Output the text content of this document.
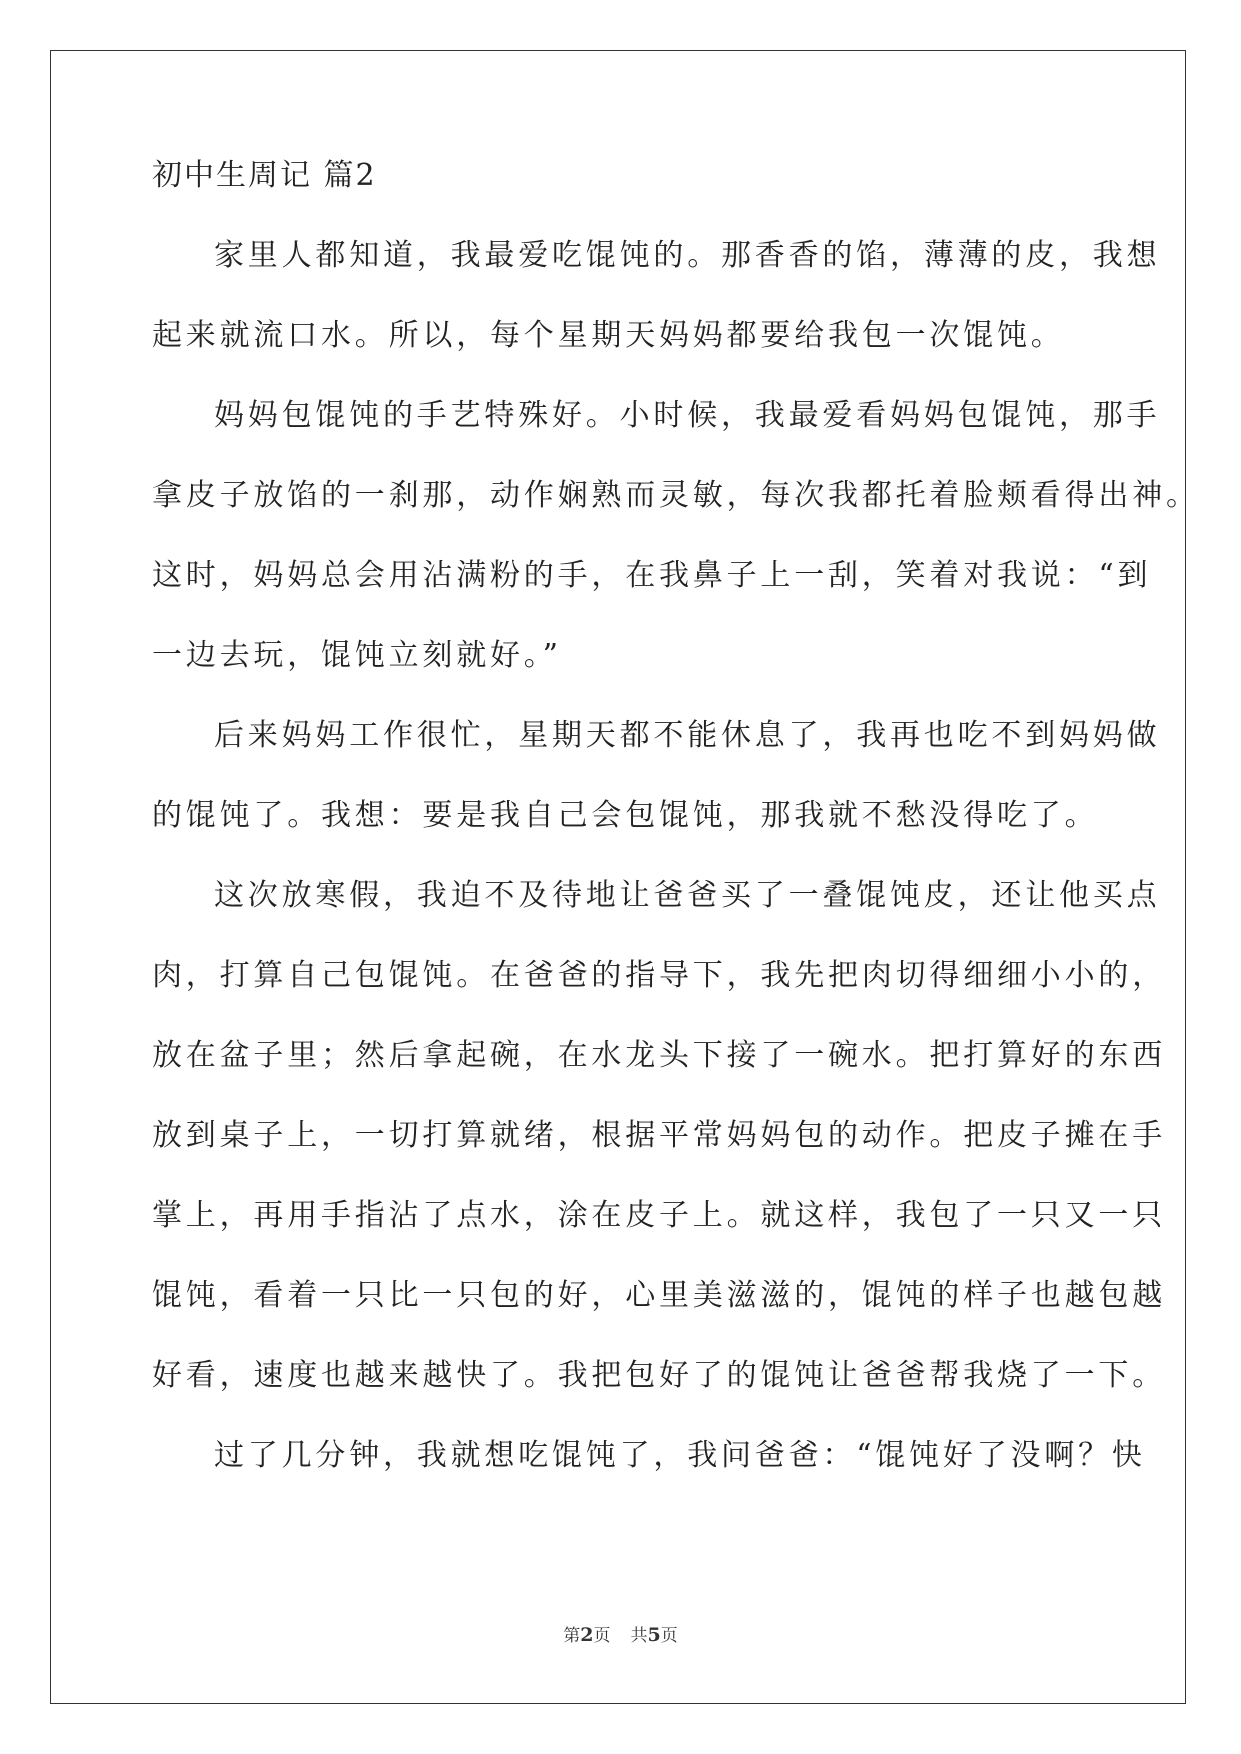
初中生周记 篇2
家里人都知道，我最爱吃馄饨的。那香香的馅，薄薄的皮，我想
起来就流口水。所以，每个星期天妈妈都要给我包一次馄饨。
妈妈包馄饨的手艺特殊好。小时候，我最爱看妈妈包馄饨，那手
拿皮子放馅的一刹那，动作娴熟而灵敏，每次我都托着脸颊看得出神。
这时，妈妈总会用沾满粉的手，在我鼻子上一刮，笑着对我说：“到
一边去玩，馄饨立刻就好。”
后来妈妈工作很忙，星期天都不能休息了，我再也吃不到妈妈做
的馄饨了。我想：要是我自己会包馄饨，那我就不愁没得吃了。
这次放寒假，我迫不及待地让爸爸买了一叠馄饨皮，还让他买点
肉，打算自己包馄饨。在爸爸的指导下，我先把肉切得细细小小的，
放在盆子里；然后拿起碗，在水龙头下接了一碗水。把打算好的东西
放到桌子上，一切打算就绪，根据平常妈妈包的动作。把皮子摊在手
掌上，再用手指沾了点水，涂在皮子上。就这样，我包了一只又一只
馄饨，看着一只比一只包的好，心里美滋滋的，馄饨的样子也越包越
好看，速度也越来越快了。我把包好了的馄饨让爸爸帮我烧了一下。
过了几分钟，我就想吃馄饨了，我问爸爸：“馄饨好了没啊？快
第2页 共5页
